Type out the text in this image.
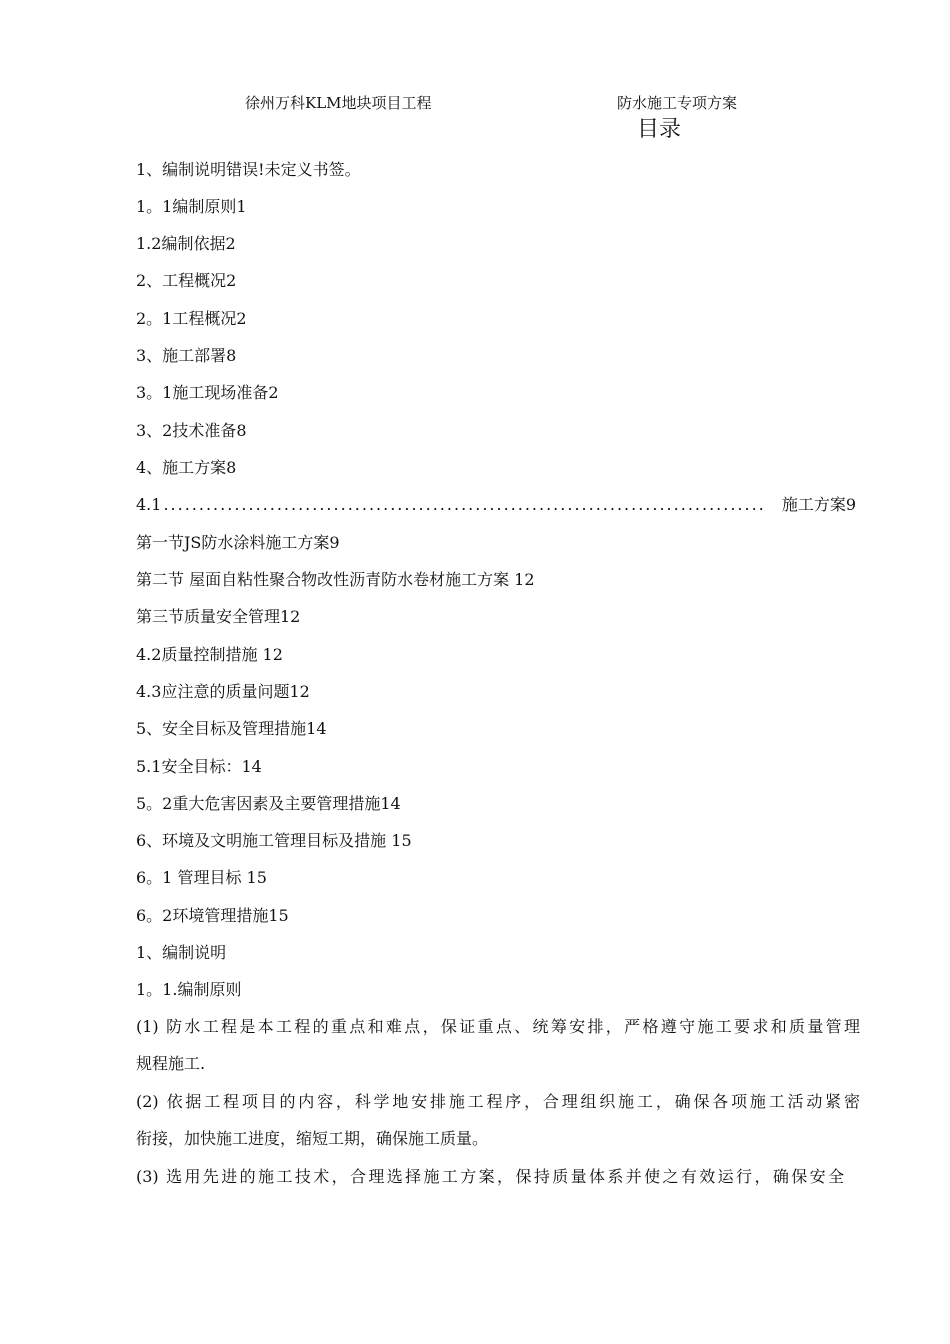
徐州万科KLM地块项目工程	防水施工专项方案
目录
1、编制说明错误!未定义书签。
1。1编制原则1
1.2编制依据2
2、工程概况2
2。1工程概况2
3、施工部署8
3。1施工现场准备2
3、2技术准备8
4、施工方案8
4.1 .....................................................................................	施工方案9
第一节JS防水涂料施工方案9
第二节 屋面自粘性聚合物改性沥青防水卷材施工方案 12
第三节质量安全管理12
4.2质量控制措施 12
4.3应注意的质量问题12
5、安全目标及管理措施14
5.1安全目标：14
5。2重大危害因素及主要管理措施14
6、环境及文明施工管理目标及措施 15
6。1 管理目标 15
6。2环境管理措施15
1、编制说明
1。1.编制原则
(1) 防水工程是本工程的重点和难点，保证重点、统筹安排，严格遵守施工要求和质量管理
规程施工.
(2) 依据工程项目的内容，科学地安排施工程序，合理组织施工，确保各项施工活动紧密
衔接，加快施工进度，缩短工期，确保施工质量。
(3) 选用先进的施工技术，合理选择施工方案，保持质量体系并使之有效运行，确保安全
